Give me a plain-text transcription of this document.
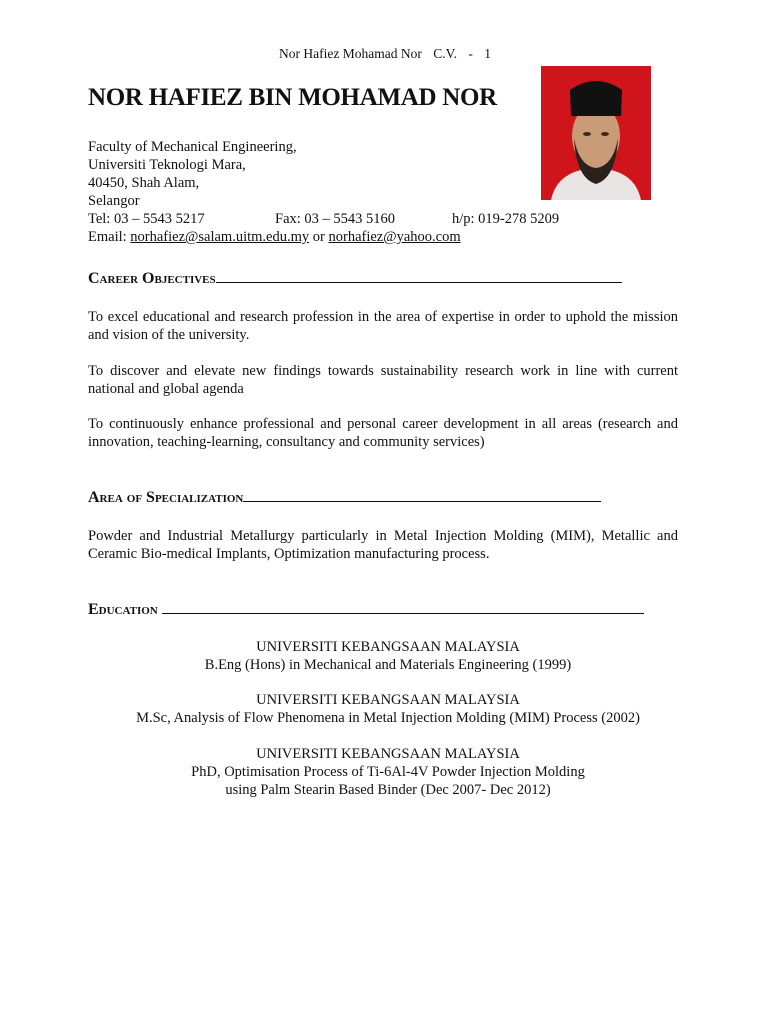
Nor Hafiez Mohamad Nor C.V. - 1
NOR HAFIEZ BIN MOHAMAD NOR
Faculty of Mechanical Engineering,
Universiti Teknologi Mara,
40450, Shah Alam,
Selangor
Tel: 03 – 5543 5217	Fax: 03 – 5543 5160	h/p: 019-278 5209
Email: norhafiez@salam.uitm.edu.my or norhafiez@yahoo.com
Career Objectives
To excel educational and research profession in the area of expertise in order to uphold the mission and vision of the university.
To discover and elevate new findings towards sustainability research work in line with current national and global agenda
To continuously enhance professional and personal career development in all areas (research and innovation, teaching-learning, consultancy and community services)
Area of Specialization
Powder and Industrial Metallurgy particularly in Metal Injection Molding (MIM), Metallic and Ceramic Bio-medical Implants, Optimization manufacturing process.
Education
UNIVERSITI KEBANGSAAN MALAYSIA
B.Eng (Hons) in Mechanical and Materials Engineering (1999)
UNIVERSITI KEBANGSAAN MALAYSIA
M.Sc, Analysis of Flow Phenomena in Metal Injection Molding (MIM) Process (2002)
UNIVERSITI KEBANGSAAN MALAYSIA
PhD, Optimisation Process of Ti-6Al-4V Powder Injection Molding
using Palm Stearin Based Binder (Dec 2007- Dec 2012)
